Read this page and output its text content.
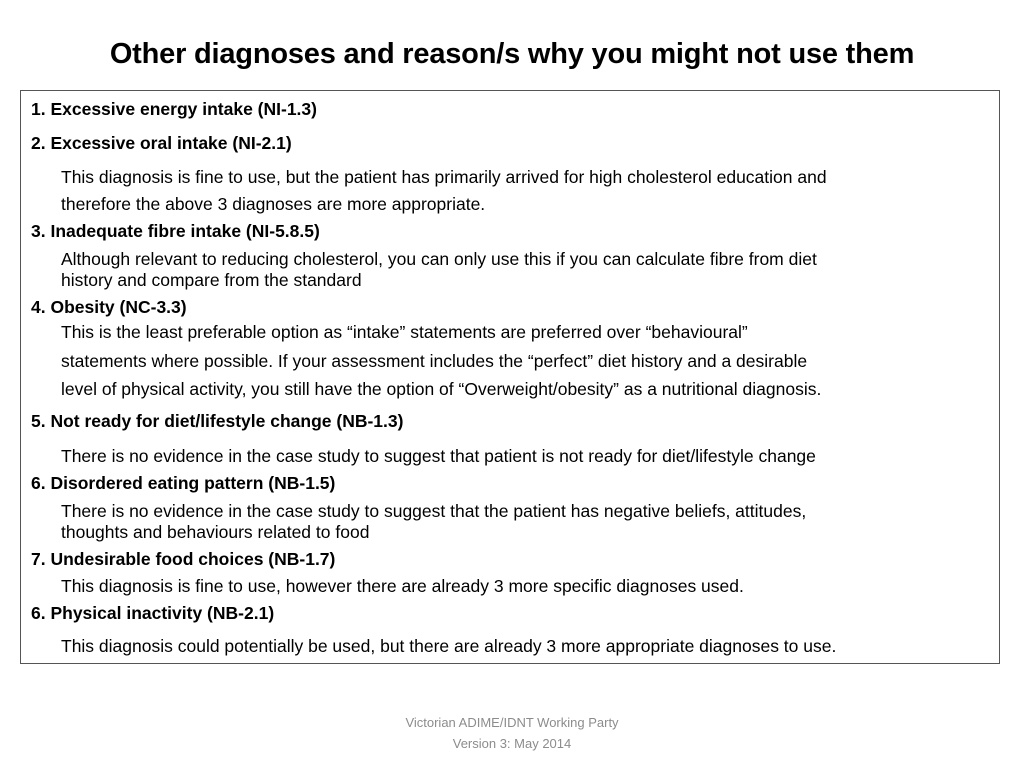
Other diagnoses and reason/s why you might not use them
1. Excessive energy intake (NI-1.3)
2. Excessive oral intake (NI-2.1)
This diagnosis is fine to use, but the patient has primarily arrived for high cholesterol education and
therefore the above 3 diagnoses are more appropriate.
3. Inadequate fibre intake (NI-5.8.5)
Although relevant to reducing cholesterol, you can only use this if you can calculate fibre from diet
history and compare from the standard
4. Obesity (NC-3.3)
This is the least preferable option as “intake” statements are preferred over “behavioural”
statements where possible. If your assessment includes the “perfect” diet history and a desirable
level of physical activity, you still have the option of “Overweight/obesity” as a nutritional diagnosis.
5. Not ready for diet/lifestyle change (NB-1.3)
There is no evidence in the case study to suggest that patient is not ready for diet/lifestyle change
6. Disordered eating pattern (NB-1.5)
There is no evidence in the case study to suggest that the patient has negative beliefs, attitudes,
thoughts and behaviours related to food
7. Undesirable food choices (NB-1.7)
This diagnosis is fine to use, however there are already 3 more specific diagnoses used.
6. Physical inactivity (NB-2.1)
This diagnosis could potentially be used, but there are already 3 more appropriate diagnoses to use.
Victorian ADIME/IDNT Working Party
Version 3: May 2014
